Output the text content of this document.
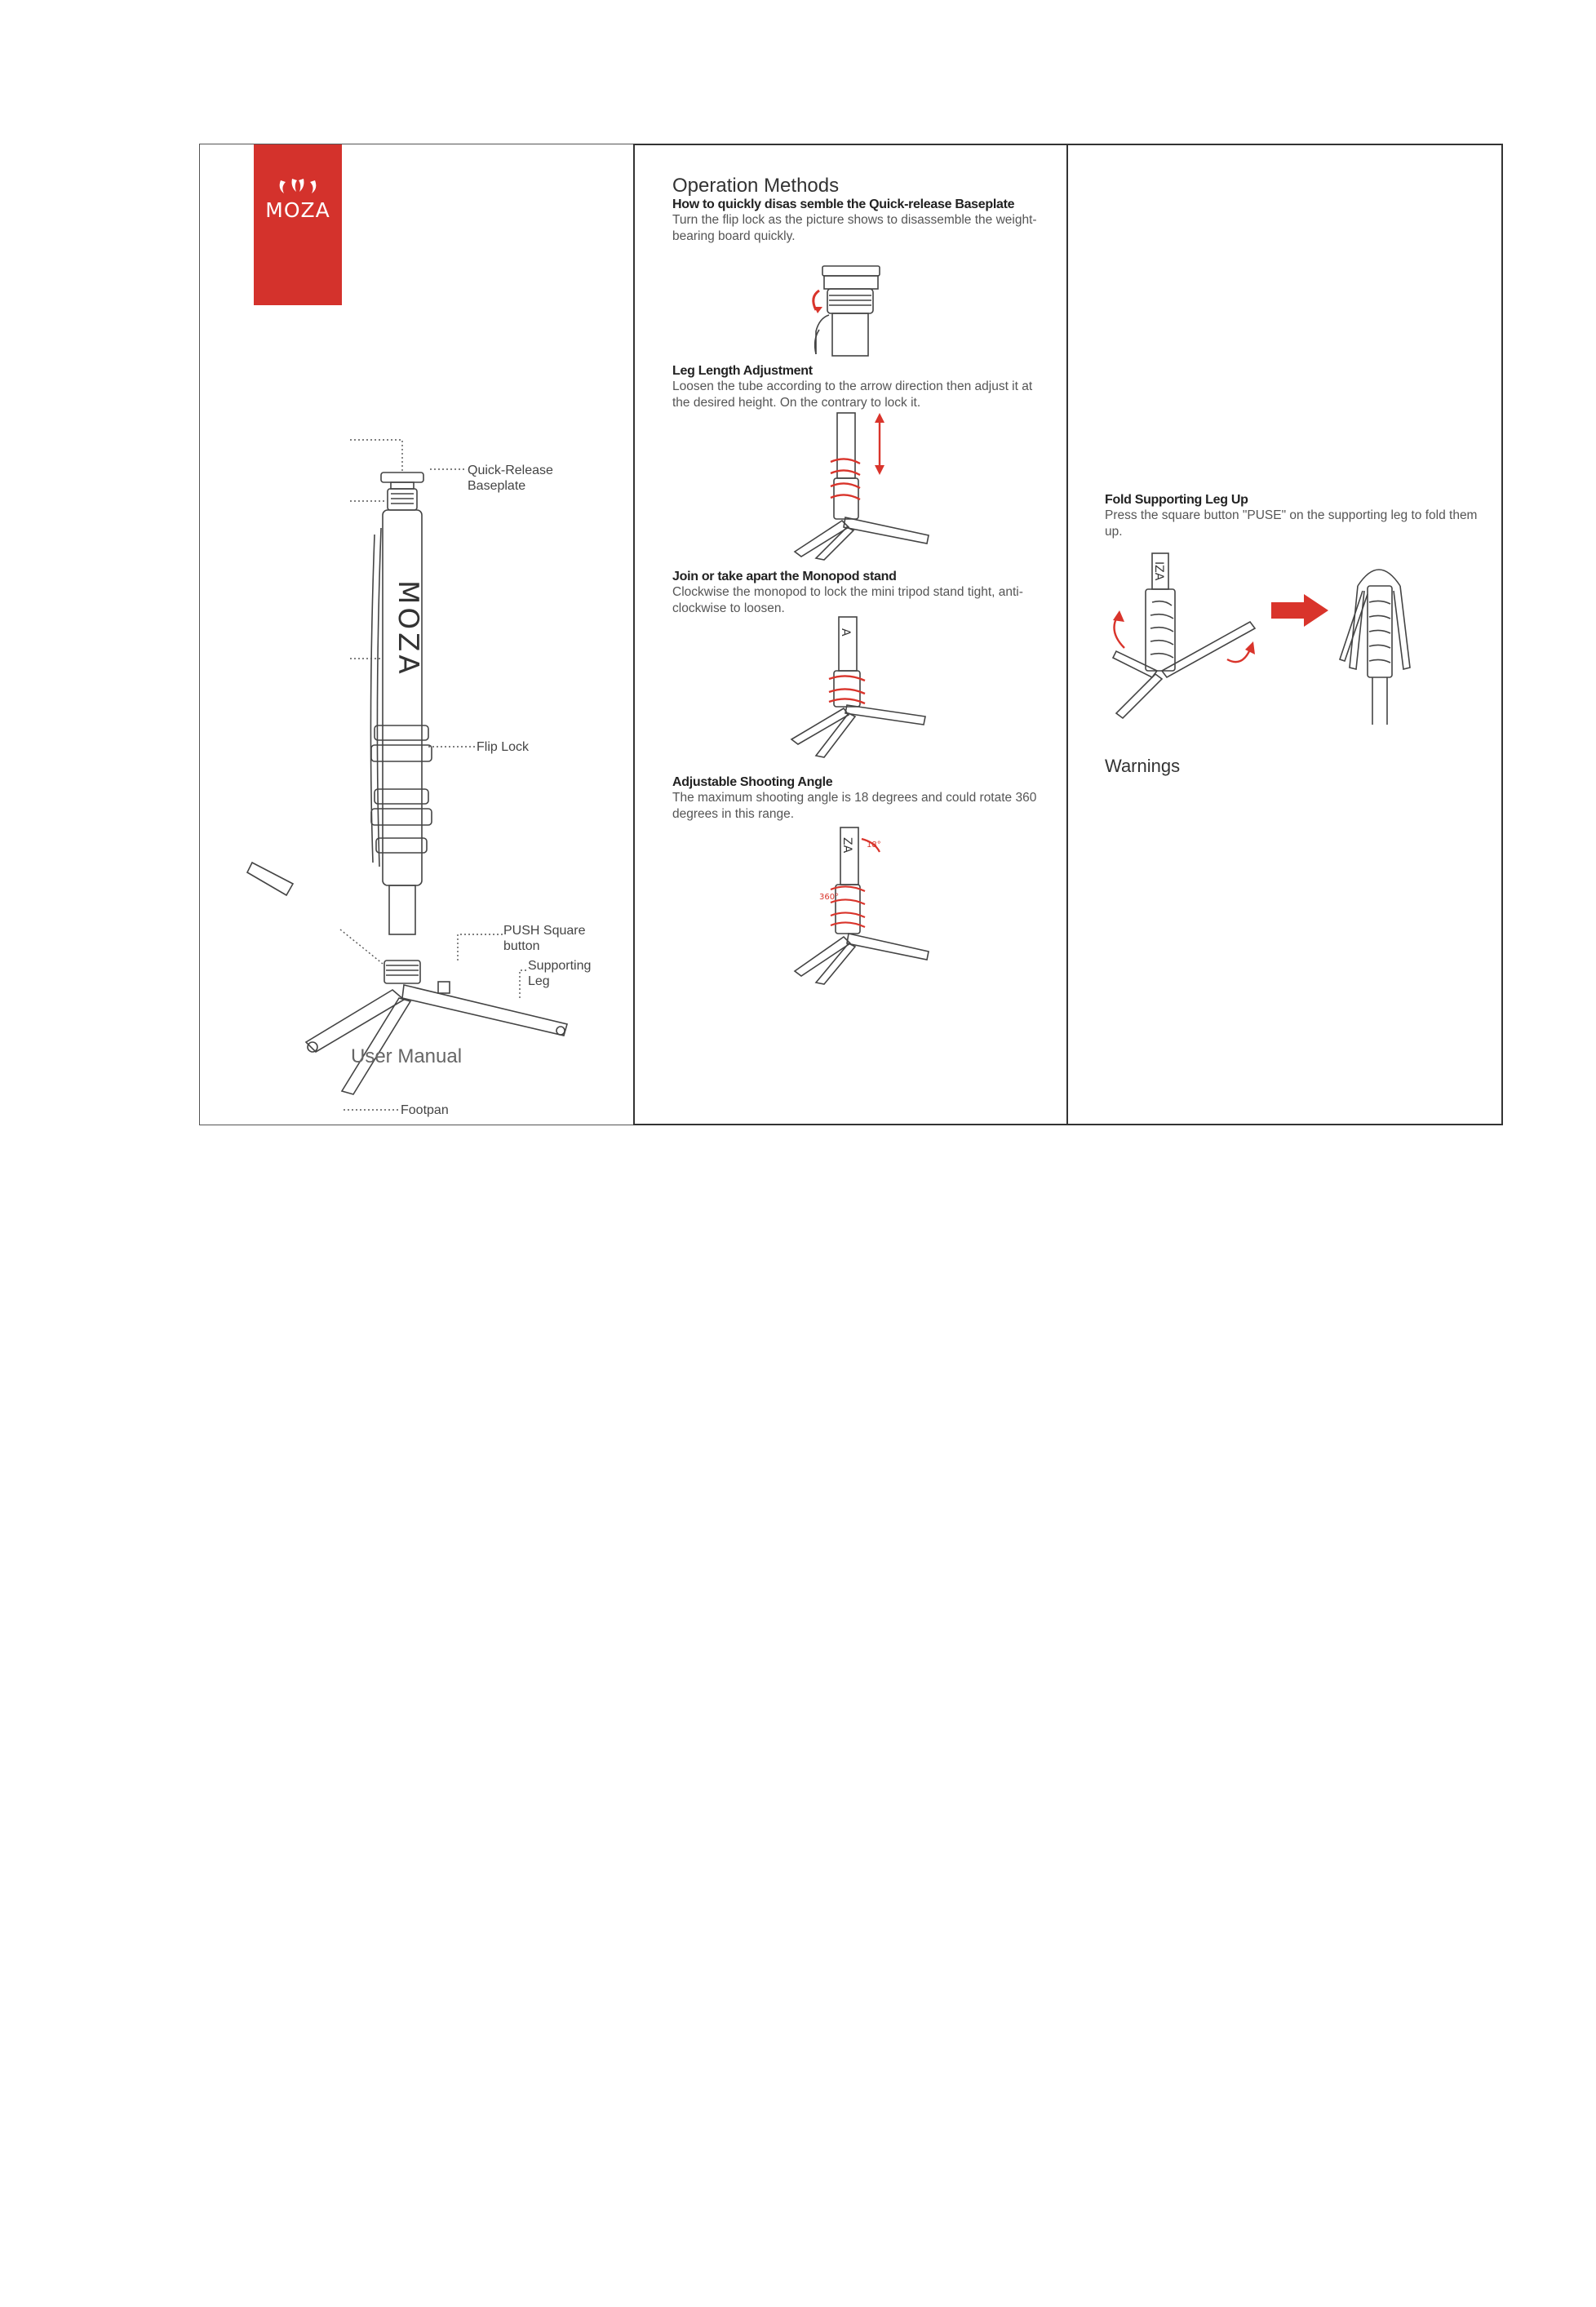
MOZA
MOZA
Quick-Release
Baseplate
Flip Lock
PUSH Square
button
Supporting
Leg
Footpan
User Manual
Operation Methods
How to quickly disas semble the Quick-release Baseplate
Turn the flip lock as the picture shows to disassemble the weight-bearing board quickly.
Leg Length Adjustment
Loosen the tube according to the arrow direction then adjust it at the desired height. On the contrary to lock it.
Join or take apart the Monopod stand
Clockwise the monopod to lock the mini tripod stand tight, anti-clockwise to loosen.
A
Adjustable Shooting Angle
The maximum shooting angle is 18 degrees and could rotate 360 degrees in this range.
ZA 18°
360°
Fold Supporting Leg Up
Press the square button "PUSE" on the supporting leg to fold them up.
IZA
Warnings
